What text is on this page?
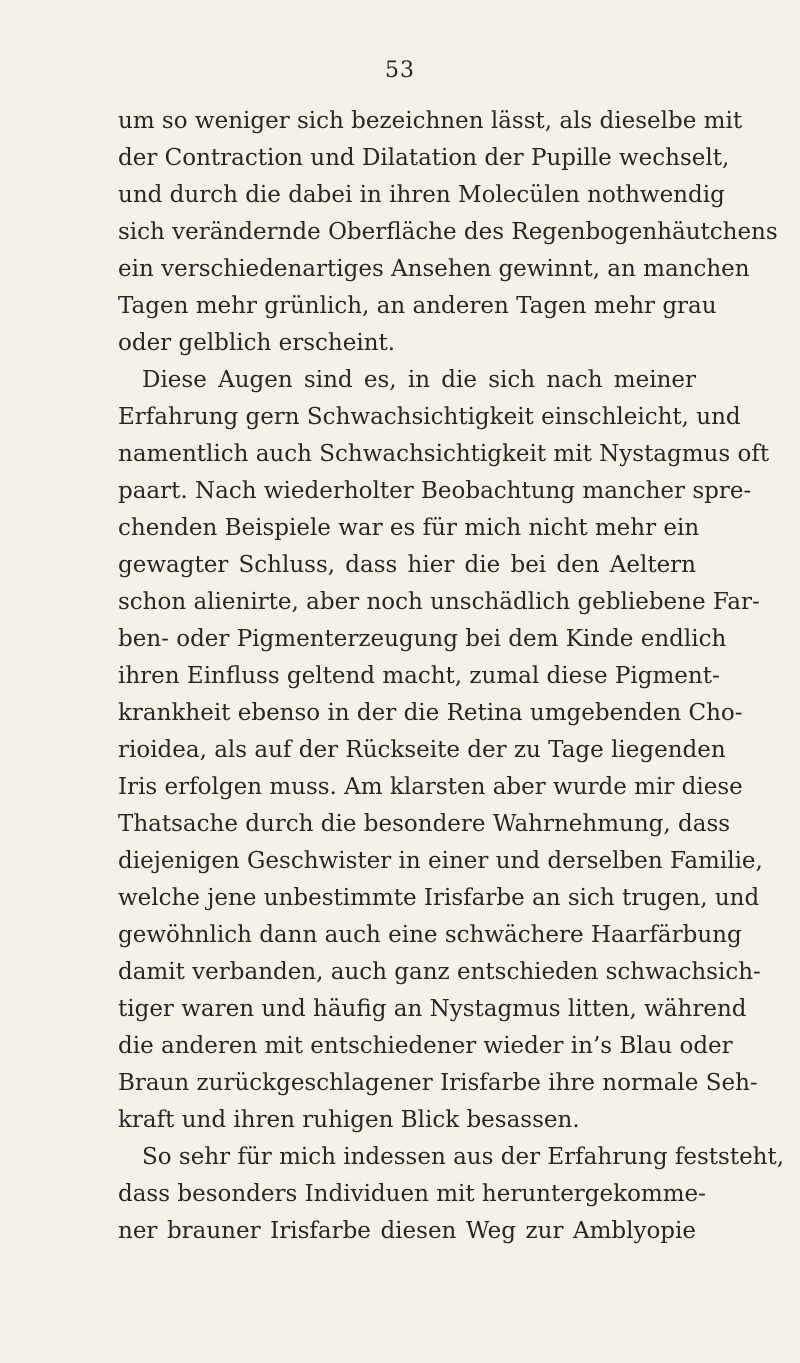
53
um so weniger sich bezeichnen lässt, als dieselbe mit
der Contraction und Dilatation der Pupille wechselt,
und durch die dabei in ihren Molecülen nothwendig
sich verändernde Oberfläche des Regenbogenhäutchens
ein verschiedenartiges Ansehen gewinnt, an manchen
Tagen mehr grünlich, an anderen Tagen mehr grau
oder gelblich erscheint.
Diese Augen sind es, in die sich nach meiner
Erfahrung gern Schwachsichtigkeit einschleicht, und
namentlich auch Schwachsichtigkeit mit Nystagmus oft
paart. Nach wiederholter Beobachtung mancher spre-
chenden Beispiele war es für mich nicht mehr ein
gewagter Schluss, dass hier die bei den Aeltern
schon alienirte, aber noch unschädlich gebliebene Far-
ben- oder Pigmenterzeugung bei dem Kinde endlich
ihren Einfluss geltend macht, zumal diese Pigment-
krankheit ebenso in der die Retina umgebenden Cho-
rioidea, als auf der Rückseite der zu Tage liegenden
Iris erfolgen muss. Am klarsten aber wurde mir diese
Thatsache durch die besondere Wahrnehmung, dass
diejenigen Geschwister in einer und derselben Familie,
welche jene unbestimmte Irisfarbe an sich trugen, und
gewöhnlich dann auch eine schwächere Haarfärbung
damit verbanden, auch ganz entschieden schwachsich-
tiger waren und häufig an Nystagmus litten, während
die anderen mit entschiedener wieder in’s Blau oder
Braun zurückgeschlagener Irisfarbe ihre normale Seh-
kraft und ihren ruhigen Blick besassen.
So sehr für mich indessen aus der Erfahrung feststeht,
dass besonders Individuen mit heruntergekomme-
ner brauner Irisfarbe diesen Weg zur Amblyopie
